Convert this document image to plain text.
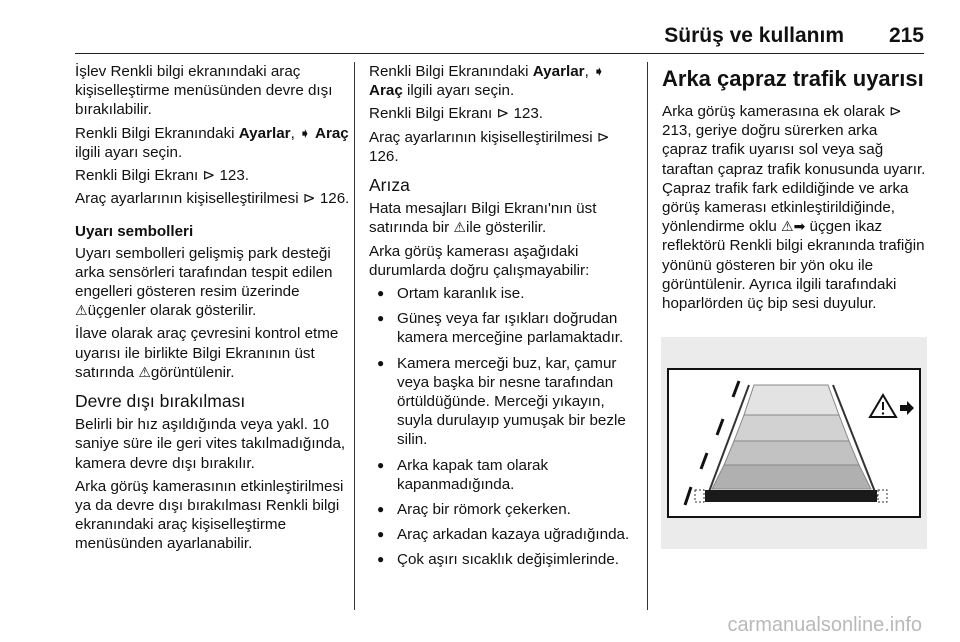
Sürüş ve kullanım 215

İşlev Renkli bilgi ekranındaki araç kişiselleştirme menüsünden devre dışı bırakılabilir.

Renkli Bilgi Ekranındaki Ayarlar, ➧ Araç ilgili ayarı seçin.

Renkli Bilgi Ekranı ⊳ 123.

Araç ayarlarının kişiselleştirilmesi ⊳ 126.

Uyarı sembolleri

Uyarı sembolleri gelişmiş park desteği arka sensörleri tarafından tespit edilen engelleri gösteren resim üzerinde ⚠üçgenler olarak gösterilir.

İlave olarak araç çevresini kontrol etme uyarısı ile birlikte Bilgi Ekranının üst satırında ⚠görüntülenir.

Devre dışı bırakılması

Belirli bir hız aşıldığında veya yakl. 10 saniye süre ile geri vites takılmadığında, kamera devre dışı bırakılır.

Arka görüş kamerasının etkinleştirilmesi ya da devre dışı bırakılması Renkli bilgi ekranındaki araç kişiselleştirme menüsünden ayarlanabilir.

Renkli Bilgi Ekranındaki Ayarlar, ➧ Araç ilgili ayarı seçin.

Renkli Bilgi Ekranı ⊳ 123.

Araç ayarlarının kişiselleştirilmesi ⊳ 126.

Arıza

Hata mesajları Bilgi Ekranı'nın üst satırında bir ⚠ile gösterilir.

Arka görüş kamerası aşağıdaki durumlarda doğru çalışmayabilir:

● Ortam karanlık ise.
● Güneş veya far ışıkları doğrudan kamera merceğine parlamaktadır.
● Kamera merceği buz, kar, çamur veya başka bir nesne tarafından örtüldüğünde. Merceği yıkayın, suyla durulayıp yumuşak bir bezle silin.
● Arka kapak tam olarak kapanmadığında.
● Araç bir römork çekerken.
● Araç arkadan kazaya uğradığında.
● Çok aşırı sıcaklık değişimlerinde.
Arka çapraz trafik uyarısı

Arka görüş kamerasına ek olarak ⊳ 213, geriye doğru sürerken arka çapraz trafik uyarısı sol veya sağ taraftan çapraz trafik konusunda uyarır. Çapraz trafik fark edildiğinde ve arka görüş kamerası etkinleştirildiğinde, yönlendirme oklu ⚠➡ üçgen ikaz reflektörü Renkli bilgi ekranında trafiğin yönünü gösteren bir yön oku ile görüntülenir. Ayrıca ilgili tarafındaki hoparlörden üç bip sesi duyulur.

carmanualsonline.info
